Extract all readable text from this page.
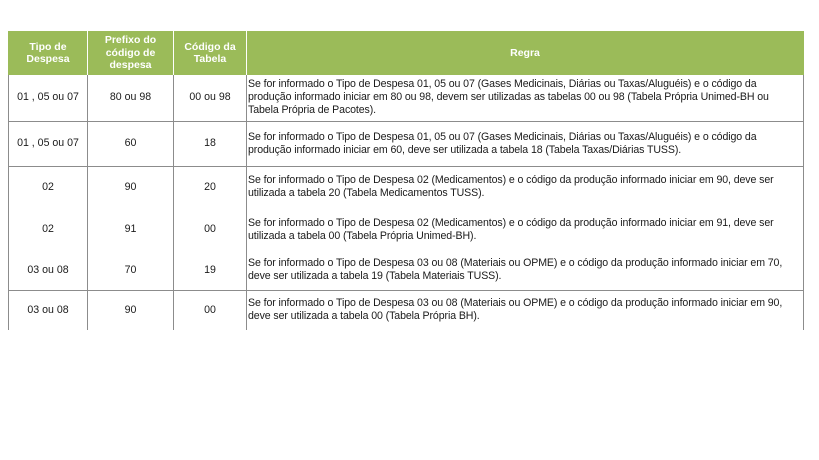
Tipo de Despesa	Prefixo do código de despesa	Código da Tabela	Regra
01 , 05 ou 07	80 ou 98	00 ou 98	Se for informado o Tipo de Despesa 01, 05 ou 07 (Gases Medicinais, Diárias ou Taxas/Aluguéis) e o código da produção informado iniciar em 80 ou 98, devem ser utilizadas as tabelas 00 ou 98 (Tabela Própria Unimed-BH ou Tabela Própria de Pacotes).
01 , 05 ou 07	60	18	Se for informado o Tipo de Despesa 01, 05 ou 07 (Gases Medicinais, Diárias ou Taxas/Aluguéis) e o código da produção informado iniciar em 60, deve ser utilizada a tabela 18 (Tabela Taxas/Diárias TUSS).
02	90	20	Se for informado o Tipo de Despesa 02 (Medicamentos) e o código da produção informado iniciar em 90, deve ser utilizada a tabela 20 (Tabela Medicamentos TUSS).
02	91	00	Se for informado o Tipo de Despesa 02 (Medicamentos) e o código da produção informado iniciar em 91, deve ser utilizada a tabela 00 (Tabela Própria Unimed-BH).
03 ou 08	70	19	Se for informado o Tipo de Despesa 03 ou 08 (Materiais ou OPME) e o código da produção informado iniciar em 70, deve ser utilizada a tabela 19 (Tabela Materiais TUSS).
03 ou 08	90	00	Se for informado o Tipo de Despesa 03 ou 08 (Materiais ou OPME) e o código da produção informado iniciar em 90, deve ser utilizada a tabela 00 (Tabela Própria BH).
